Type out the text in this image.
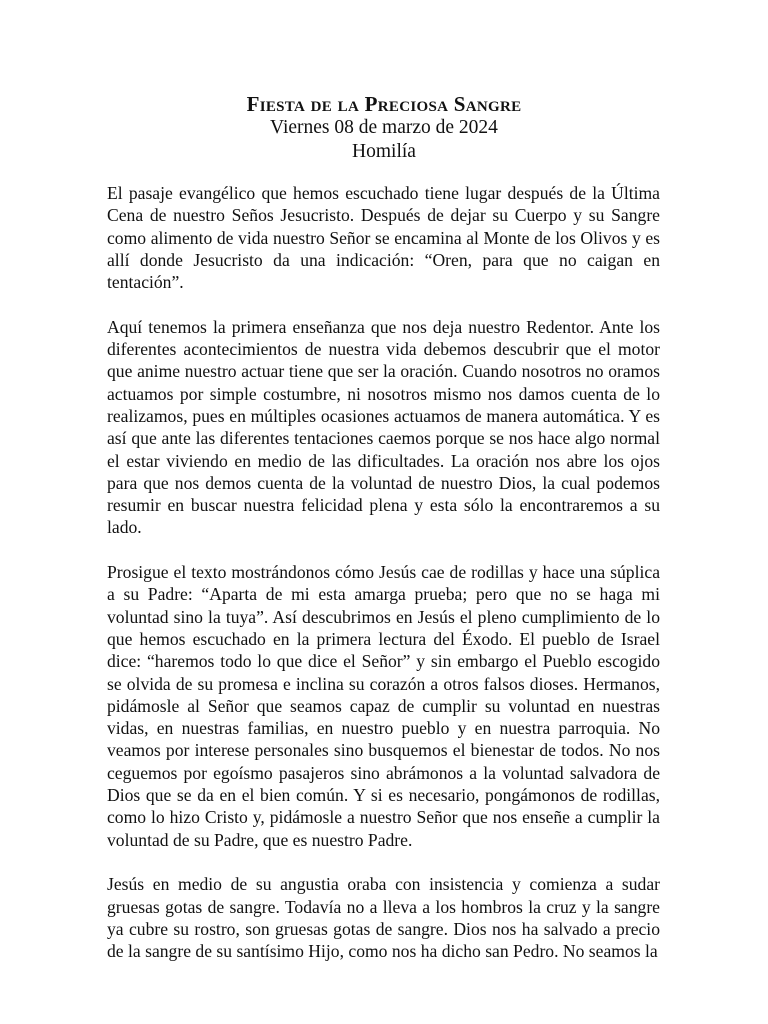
Fiesta de la Preciosa Sangre

Viernes 08 de marzo de 2024

Homilía

El pasaje evangélico que hemos escuchado tiene lugar después de la Última Cena de nuestro Seños Jesucristo. Después de dejar su Cuerpo y su Sangre como alimento de vida nuestro Señor se encamina al Monte de los Olivos y es allí donde Jesucristo da una indicación: “Oren, para que no caigan en tentación”.

Aquí tenemos la primera enseñanza que nos deja nuestro Redentor. Ante los diferentes acontecimientos de nuestra vida debemos descubrir que el motor que anime nuestro actuar tiene que ser la oración. Cuando nosotros no oramos actuamos por simple costumbre, ni nosotros mismo nos damos cuenta de lo realizamos, pues en múltiples ocasiones actuamos de manera automática. Y es así que ante las diferentes tentaciones caemos porque se nos hace algo normal el estar viviendo en medio de las dificultades. La oración nos abre los ojos para que nos demos cuenta de la voluntad de nuestro Dios, la cual podemos resumir en buscar nuestra felicidad plena y esta sólo la encontraremos a su lado.

Prosigue el texto mostrándonos cómo Jesús cae de rodillas y hace una súplica a su Padre: “Aparta de mi esta amarga prueba; pero que no se haga mi voluntad sino la tuya”. Así descubrimos en Jesús el pleno cumplimiento de lo que hemos escuchado en la primera lectura del Éxodo. El pueblo de Israel dice: “haremos todo lo que dice el Señor” y sin embargo el Pueblo escogido se olvida de su promesa e inclina su corazón a otros falsos dioses. Hermanos, pidámosle al Señor que seamos capaz de cumplir su voluntad en nuestras vidas, en nuestras familias, en nuestro pueblo y en nuestra parroquia. No veamos por interese personales sino busquemos el bienestar de todos. No nos ceguemos por egoísmo pasajeros sino abrámonos a la voluntad salvadora de Dios que se da en el bien común. Y si es necesario, pongámonos de rodillas, como lo hizo Cristo y, pidámosle a nuestro Señor que nos enseñe a cumplir la voluntad de su Padre, que es nuestro Padre.

Jesús en medio de su angustia oraba con insistencia y comienza a sudar gruesas gotas de sangre. Todavía no a lleva a los hombros la cruz y la sangre ya cubre su rostro, son gruesas gotas de sangre. Dios nos ha salvado a precio de la sangre de su santísimo Hijo, como nos ha dicho san Pedro. No seamos la
